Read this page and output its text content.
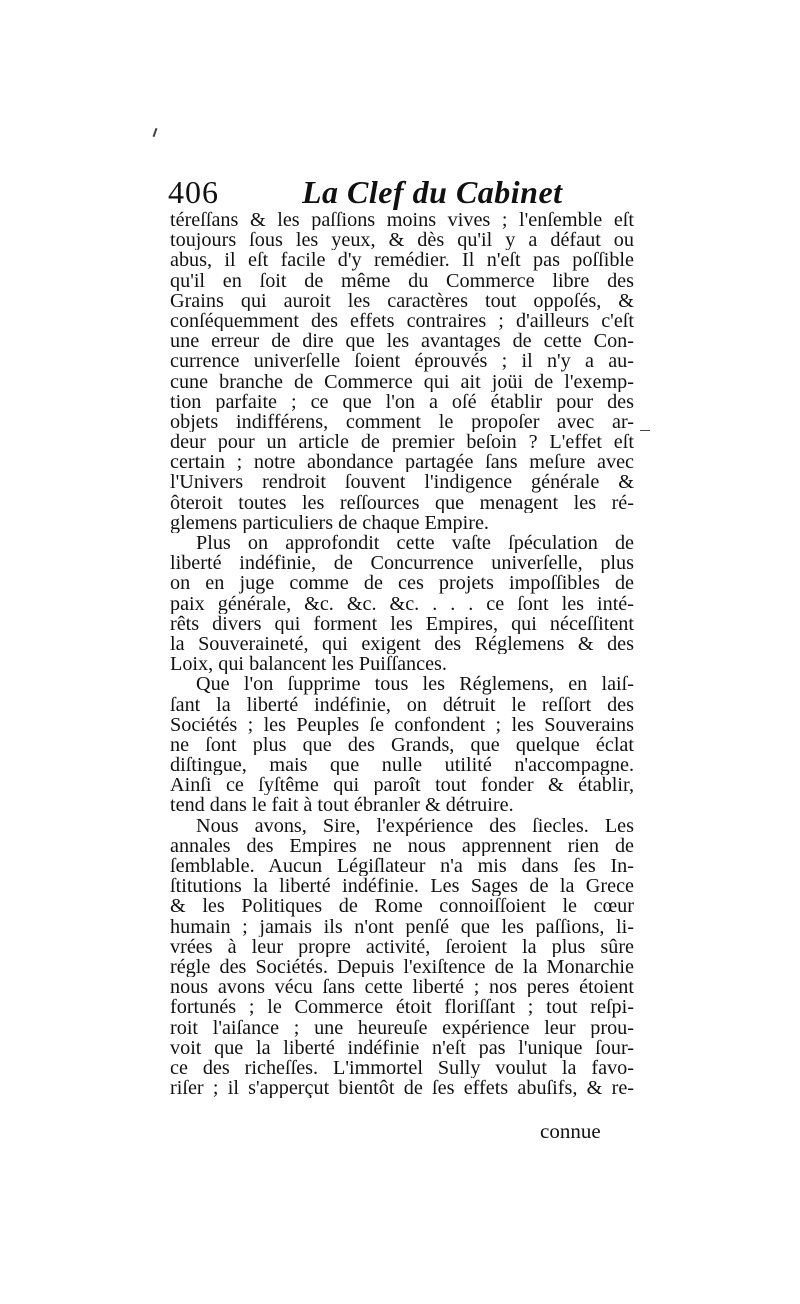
406	La Clef du Cabinet
téreſſans & les paſſions moins vives ; l'enſemble eſt
toujours ſous les yeux, & dès qu'il y a défaut ou
abus, il eſt facile d'y remédier. Il n'eſt pas poſſible
qu'il en ſoit de même du Commerce libre des
Grains qui auroit les caractères tout oppoſés, &
conſéquemment des effets contraires ; d'ailleurs c'eſt
une erreur de dire que les avantages de cette Con-
currence univerſelle ſoient éprouvés ; il n'y a au-
cune branche de Commerce qui ait joüi de l'exemp-
tion parfaite ; ce que l'on a oſé établir pour des
objets indifférens, comment le propoſer avec ar-
deur pour un article de premier beſoin ? L'effet eſt
certain ; notre abondance partagée ſans meſure avec
l'Univers rendroit ſouvent l'indigence générale &
ôteroit toutes les reſſources que menagent les ré-
glemens particuliers de chaque Empire.
Plus on approfondit cette vaſte ſpéculation de
liberté indéfinie, de Concurrence univerſelle, plus
on en juge comme de ces projets impoſſibles de
paix générale, &c. &c. &c. . . . ce ſont les inté-
rêts divers qui forment les Empires, qui néceſſitent
la Souveraineté, qui exigent des Réglemens & des
Loix, qui balancent les Puiſſances.
Que l'on ſupprime tous les Réglemens, en laiſ-
ſant la liberté indéfinie, on détruit le reſſort des
Sociétés ; les Peuples ſe confondent ; les Souverains
ne ſont plus que des Grands, que quelque éclat
diſtingue, mais que nulle utilité n'accompagne.
Ainſi ce ſyſtême qui paroît tout fonder & établir,
tend dans le fait à tout ébranler & détruire.
Nous avons, Sire, l'expérience des ſiecles. Les
annales des Empires ne nous apprennent rien de
ſemblable. Aucun Légiſlateur n'a mis dans ſes In-
ſtitutions la liberté indéfinie. Les Sages de la Grece
& les Politiques de Rome connoiſſoient le cœur
humain ; jamais ils n'ont penſé que les paſſions, li-
vrées à leur propre activité, ſeroient la plus sûre
régle des Sociétés. Depuis l'exiſtence de la Monarchie
nous avons vécu ſans cette liberté ; nos peres étoient
fortunés ; le Commerce étoit floriſſant ; tout reſpi-
roit l'aiſance ; une heureuſe expérience leur prou-
voit que la liberté indéfinie n'eſt pas l'unique ſour-
ce des richeſſes. L'immortel Sully voulut la favo-
riſer ; il s'apperçut bientôt de ſes effets abuſifs, & re-
connue
